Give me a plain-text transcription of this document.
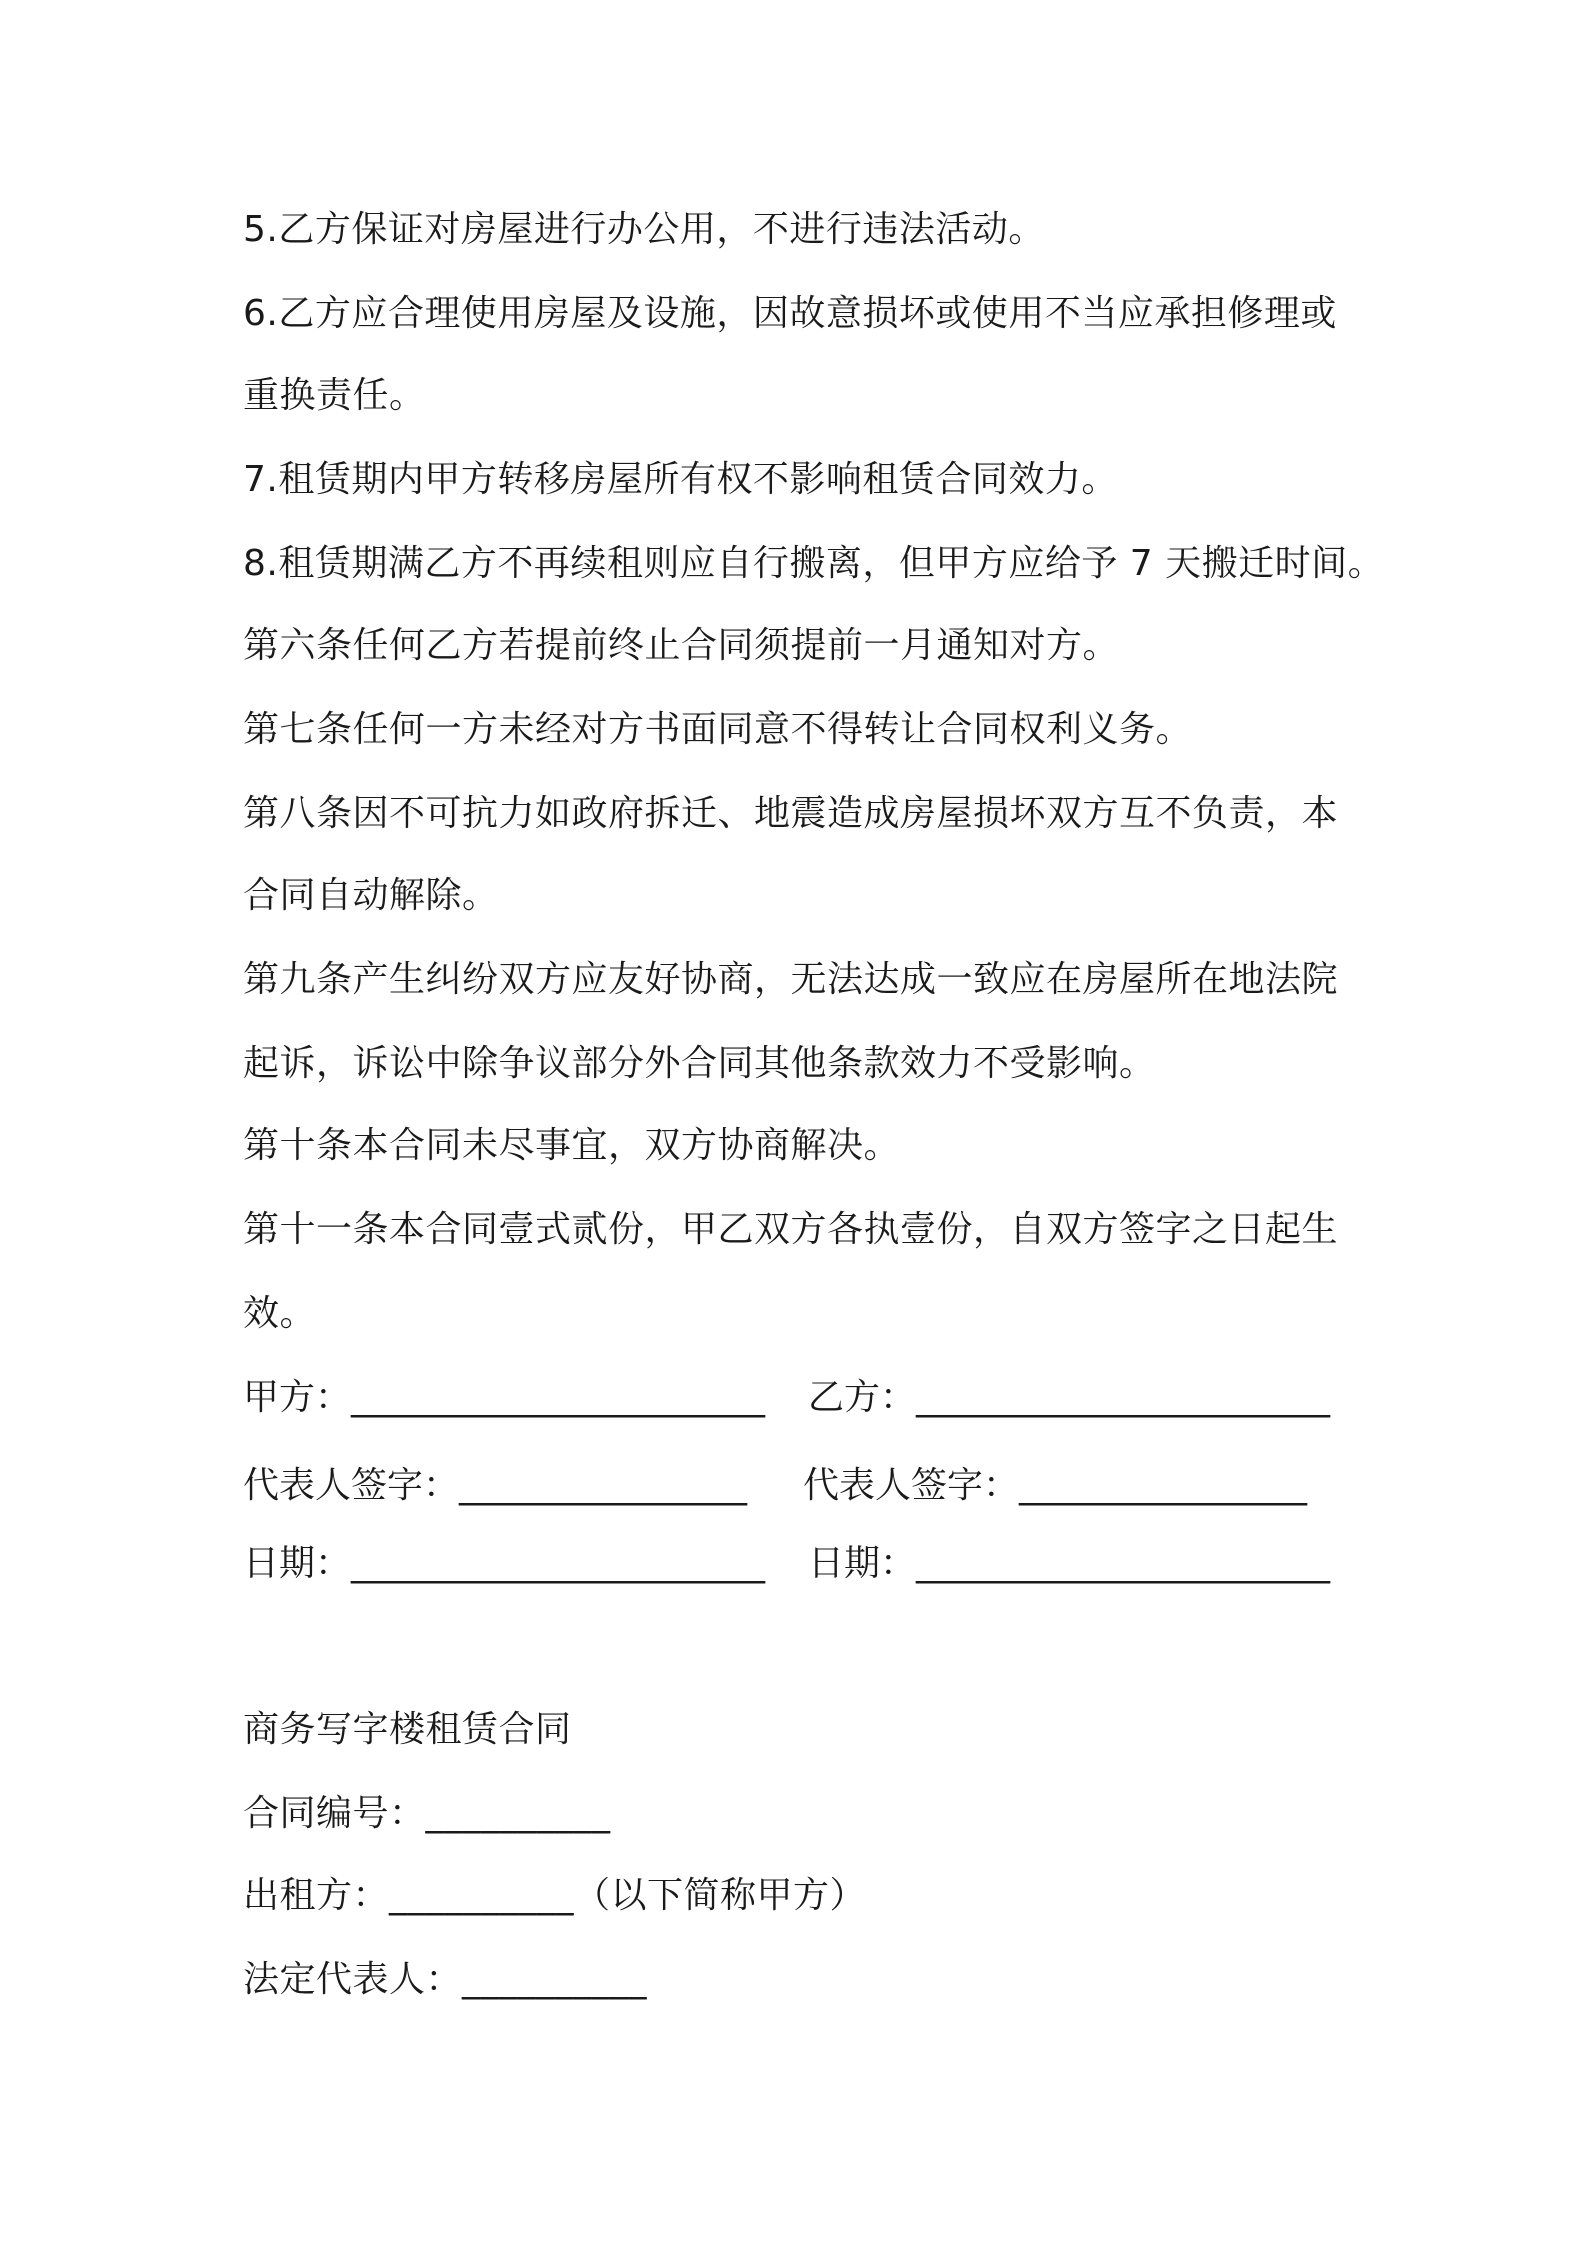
5.乙方保证对房屋进行办公用，不进行违法活动。
6.乙方应合理使用房屋及设施，因故意损坏或使用不当应承担修理或
重换责任。
7.租赁期内甲方转移房屋所有权不影响租赁合同效力。
8.租赁期满乙方不再续租则应自行搬离，但甲方应给予 7 天搬迁时间。
第六条任何乙方若提前终止合同须提前一月通知对方。
第七条任何一方未经对方书面同意不得转让合同权利义务。
第八条因不可抗力如政府拆迁、地震造成房屋损坏双方互不负责，本
合同自动解除。
第九条产生纠纷双方应友好协商，无法达成一致应在房屋所在地法院
起诉，诉讼中除争议部分外合同其他条款效力不受影响。
第十条本合同未尽事宜，双方协商解决。
第十一条本合同壹式贰份，甲乙双方各执壹份，自双方签字之日起生
效。
甲方：_______________________ 乙方：_______________________
代表人签字：________________ 代表人签字：________________
日期：_______________________ 日期：_______________________
商务写字楼租赁合同
合同编号：__________
出租方：__________（以下简称甲方）
法定代表人：__________
